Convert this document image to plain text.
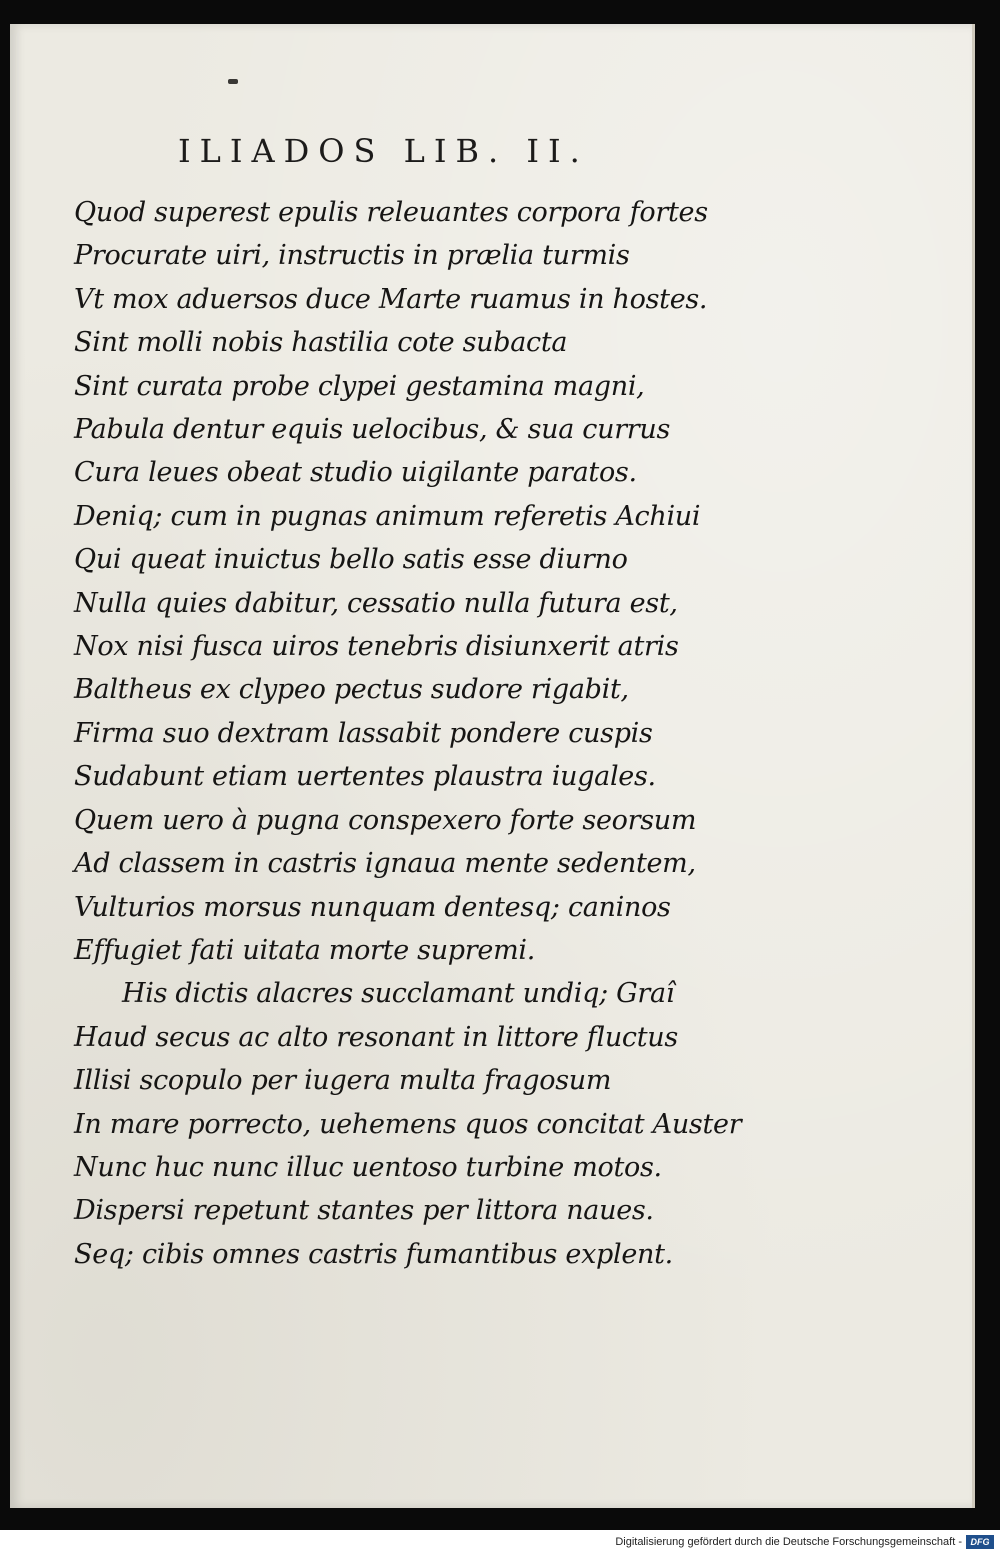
ILIADOS LIB. II.
Quod superest epulis releuantes corpora fortes
Procurate uiri, instructis in prælia turmis
Vt mox aduersos duce Marte ruamus in hostes.
Sint molli nobis hastilia cote subacta
Sint curata probe clypei gestamina magni,
Pabula dentur equis uelocibus, & sua currus
Cura leues obeat studio uigilante paratos.
Deniq; cum in pugnas animum referetis Achiui
Qui queat inuictus bello satis esse diurno
Nulla quies dabitur, cessatio nulla futura est,
Nox nisi fusca uiros tenebris disiunxerit atris
Baltheus ex clypeo pectus sudore rigabit,
Firma suo dextram lassabit pondere cuspis
Sudabunt etiam uertentes plaustra iugales.
Quem uero à pugna conspexero forte seorsum
Ad classem in castris ignaua mente sedentem,
Vulturios morsus nunquam dentesq; caninos
Effugiet fati uitata morte supremi.
His dictis alacres succlamant undiq; Graî
Haud secus ac alto resonant in littore fluctus
Illisi scopulo per iugera multa fragosum
In mare porrecto, uehemens quos concitat Auster
Nunc huc nunc illuc uentoso turbine motos.
Dispersi repetunt stantes per littora naues.
Seq; cibis omnes castris fumantibus explent.
Digitalisierung gefördert durch die Deutsche Forschungsgemeinschaft - DFG
